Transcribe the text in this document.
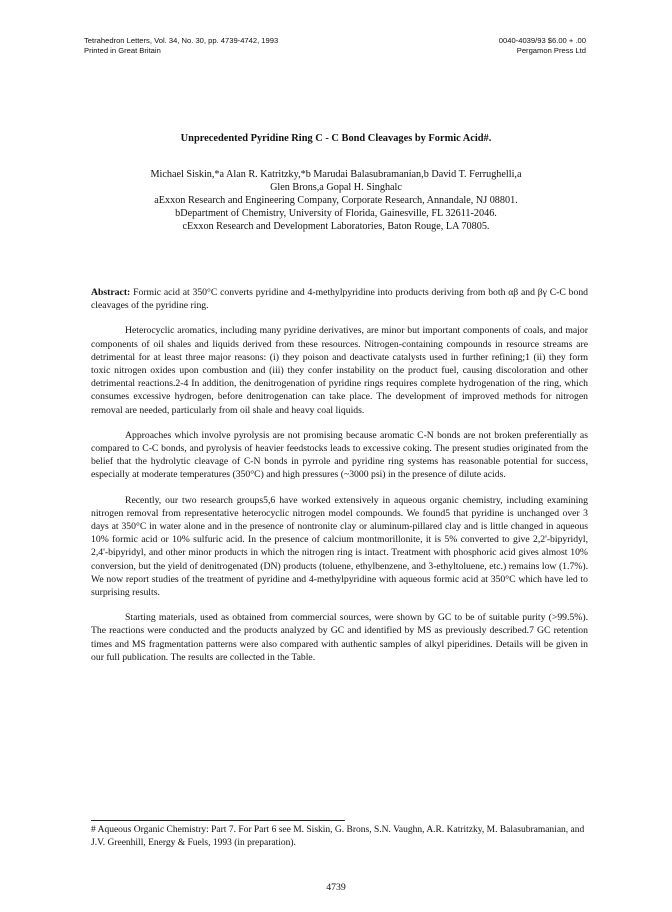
Tetrahedron Letters, Vol. 34, No. 30, pp. 4739-4742, 1993
Printed in Great Britain
0040-4039/93 $6.00 + .00
Pergamon Press Ltd
Unprecedented Pyridine Ring C - C Bond Cleavages by Formic Acid#.
Michael Siskin,*a Alan R. Katritzky,*b Marudai Balasubramanian,b David T. Ferrughelli,a
Glen Brons,a Gopal H. Singhalc
aExxon Research and Engineering Company, Corporate Research, Annandale, NJ 08801.
bDepartment of Chemistry, University of Florida, Gainesville, FL 32611-2046.
cExxon Research and Development Laboratories, Baton Rouge, LA 70805.

Abstract: Formic acid at 350°C converts pyridine and 4-methylpyridine into products deriving from both αβ and βγ C-C bond cleavages of the pyridine ring.

Heterocyclic aromatics, including many pyridine derivatives, are minor but important components of coals, and major components of oil shales and liquids derived from these resources. Nitrogen-containing compounds in resource streams are detrimental for at least three major reasons: (i) they poison and deactivate catalysts used in further refining;1 (ii) they form toxic nitrogen oxides upon combustion and (iii) they confer instability on the product fuel, causing discoloration and other detrimental reactions.2-4 In addition, the denitrogenation of pyridine rings requires complete hydrogenation of the ring, which consumes excessive hydrogen, before denitrogenation can take place. The development of improved methods for nitrogen removal are needed, particularly from oil shale and heavy coal liquids.

Approaches which involve pyrolysis are not promising because aromatic C-N bonds are not broken preferentially as compared to C-C bonds, and pyrolysis of heavier feedstocks leads to excessive coking. The present studies originated from the belief that the hydrolytic cleavage of C-N bonds in pyrrole and pyridine ring systems has reasonable potential for success, especially at moderate temperatures (350°C) and high pressures (~3000 psi) in the presence of dilute acids.

Recently, our two research groups5,6 have worked extensively in aqueous organic chemistry, including examining nitrogen removal from representative heterocyclic nitrogen model compounds. We found5 that pyridine is unchanged over 3 days at 350°C in water alone and in the presence of nontronite clay or aluminum-pillared clay and is little changed in aqueous 10% formic acid or 10% sulfuric acid. In the presence of calcium montmorillonite, it is 5% converted to give 2,2'-bipyridyl, 2,4'-bipyridyl, and other minor products in which the nitrogen ring is intact. Treatment with phosphoric acid gives almost 10% conversion, but the yield of denitrogenated (DN) products (toluene, ethylbenzene, and 3-ethyltoluene, etc.) remains low (1.7%). We now report studies of the treatment of pyridine and 4-methylpyridine with aqueous formic acid at 350°C which have led to surprising results.

Starting materials, used as obtained from commercial sources, were shown by GC to be of suitable purity (>99.5%). The reactions were conducted and the products analyzed by GC and identified by MS as previously described.7 GC retention times and MS fragmentation patterns were also compared with authentic samples of alkyl piperidines. Details will be given in our full publication. The results are collected in the Table.

# Aqueous Organic Chemistry: Part 7. For Part 6 see M. Siskin, G. Brons, S.N. Vaughn, A.R. Katritzky, M. Balasubramanian, and J.V. Greenhill, Energy & Fuels, 1993 (in preparation).
4739
